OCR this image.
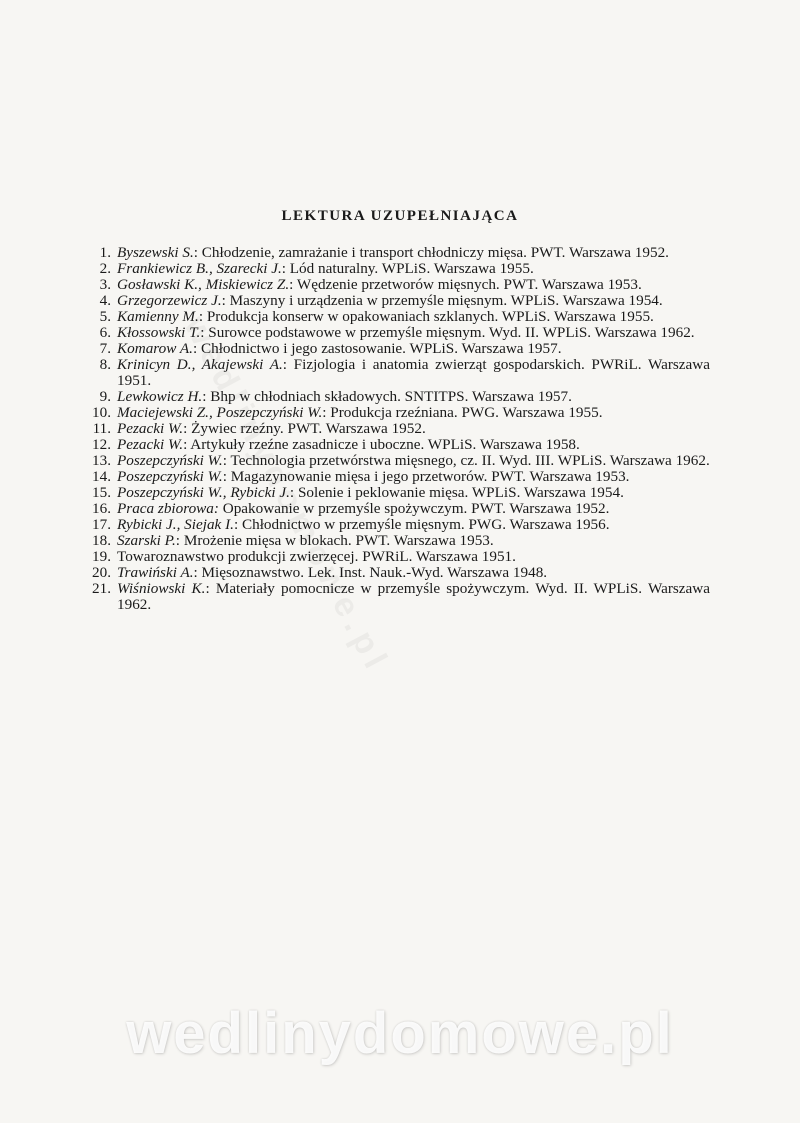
LEKTURA UZUPEŁNIAJĄCA
1. Byszewski S.: Chłodzenie, zamrażanie i transport chłodniczy mięsa. PWT. Warszawa 1952.
2. Frankiewicz B., Szarecki J.: Lód naturalny. WPLiS. Warszawa 1955.
3. Gosławski K., Miskiewicz Z.: Wędzenie przetworów mięsnych. PWT. Warszawa 1953.
4. Grzegorzewicz J.: Maszyny i urządzenia w przemyśle mięsnym. WPLiS. Warszawa 1954.
5. Kamienny M.: Produkcja konserw w opakowaniach szklanych. WPLiS. Warszawa 1955.
6. Kłossowski T.: Surowce podstawowe w przemyśle mięsnym. Wyd. II. WPLiS. Warszawa 1962.
7. Komarow A.: Chłodnictwo i jego zastosowanie. WPLiS. Warszawa 1957.
8. Krinicyn D., Akajewski A.: Fizjologia i anatomia zwierząt gospodarskich. PWRiL. Warszawa 1951.
9. Lewkowicz H.: Bhp w chłodniach składowych. SNTITPS. Warszawa 1957.
10. Maciejewski Z., Poszepczyński W.: Produkcja rzeźniana. PWG. Warszawa 1955.
11. Pezacki W.: Żywiec rzeźny. PWT. Warszawa 1952.
12. Pezacki W.: Artykuły rzeźne zasadnicze i uboczne. WPLiS. Warszawa 1958.
13. Poszepczyński W.: Technologia przetwórstwa mięsnego, cz. II. Wyd. III. WPLiS. Warszawa 1962.
14. Poszepczyński W.: Magazynowanie mięsa i jego przetworów. PWT. Warszawa 1953.
15. Poszepczyński W., Rybicki J.: Solenie i peklowanie mięsa. WPLiS. Warszawa 1954.
16. Praca zbiorowa: Opakowanie w przemyśle spożywczym. PWT. Warszawa 1952.
17. Rybicki J., Siejak I.: Chłodnictwo w przemyśle mięsnym. PWG. Warszawa 1956.
18. Szarski P.: Mrożenie mięsa w blokach. PWT. Warszawa 1953.
19. Towaroznawstwo produkcji zwierzęcej. PWRiL. Warszawa 1951.
20. Trawiński A.: Mięsoznawstwo. Lek. Inst. Nauk.-Wyd. Warszawa 1948.
21. Wiśniowski K.: Materiały pomocnicze w przemyśle spożywczym. Wyd. II. WPLiS. Warszawa 1962.
wedlinydomowe.pl
